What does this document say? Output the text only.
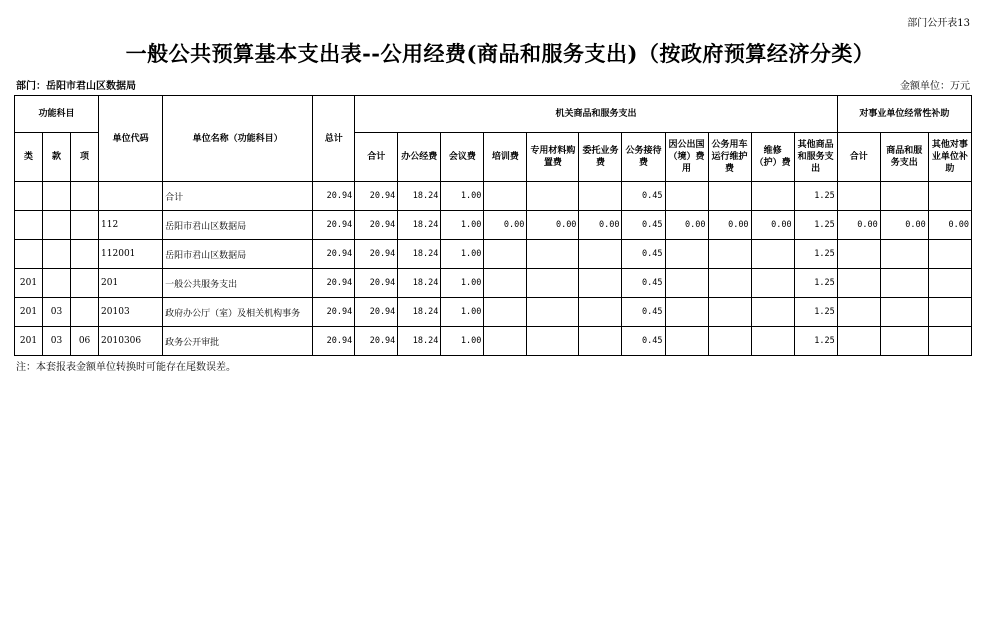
部门公开表13
一般公共预算基本支出表--公用经费(商品和服务支出)（按政府预算经济分类）
部门：岳阳市君山区数据局	金额单位：万元
功能科目			单位代码	单位名称（功能科目）	总计	机关商品和服务支出											对事业单位经常性补助		
类	款	项				合计	办公经费	会议费	培训费	专用材料购置费	委托业务费	公务接待费	因公出国（境）费用	公务用车运行维护费	维修（护）费	其他商品和服务支出	合计	商品和服务支出	其他对事业单位补助
				合计	20.94	20.94	18.24	1.00				0.45				1.25			
			112	岳阳市君山区数据局	20.94	20.94	18.24	1.00	0.00	0.00	0.00	0.45	0.00	0.00	0.00	1.25	0.00	0.00	0.00
			112001	岳阳市君山区数据局	20.94	20.94	18.24	1.00				0.45				1.25			
201			201	一般公共服务支出	20.94	20.94	18.24	1.00				0.45				1.25			
201	03		20103	政府办公厅（室）及相关机构事务	20.94	20.94	18.24	1.00				0.45				1.25			
201	03	06	2010306	政务公开审批	20.94	20.94	18.24	1.00				0.45				1.25			
注：本套报表金额单位转换时可能存在尾数误差。
